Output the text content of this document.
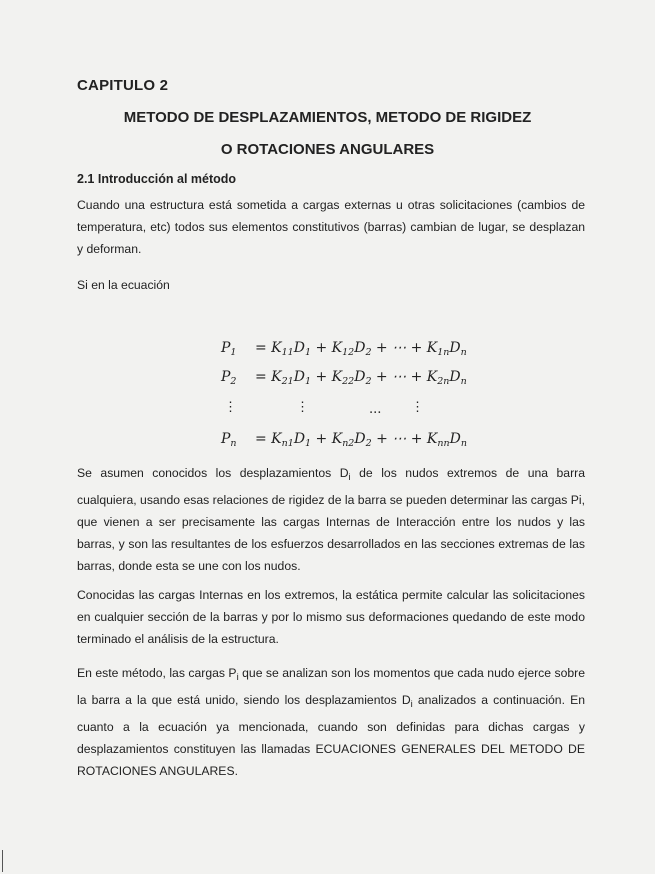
CAPITULO 2
METODO DE DESPLAZAMIENTOS, METODO DE RIGIDEZ
O ROTACIONES ANGULARES
2.1 Introducción al método
Cuando una estructura está sometida a cargas externas u otras solicitaciones (cambios de temperatura, etc) todos sus elementos constitutivos (barras) cambian de lugar, se desplazan y deforman.
Si en la ecuación
$P_1 = K_{11}D_1 + K_{12}D_2$ + ⋯ + $K_{1n}D_n$
$P_2 = K_{21}D_1 + K_{22}D_2$ + ⋯ + $K_{2n}D_n$
⋮	⋮	... ⋮
$P_n = K_{n1}D_1 + K_{n2}D_2$ + ⋯ + $K_{nn}D_n$
Se asumen conocidos los desplazamientos $D_i$ de los nudos extremos de una barra cualquiera, usando esas relaciones de rigidez de la barra se pueden determinar las cargas Pi, que vienen a ser precisamente las cargas Internas de Interacción entre los nudos y las barras, y son las resultantes de los esfuerzos desarrollados en las secciones extremas de las barras, donde esta se une con los nudos.
Conocidas las cargas Internas en los extremos, la estática permite calcular las solicitaciones en cualquier sección de la barras y por lo mismo sus deformaciones quedando de este modo terminado el análisis de la estructura.
En este método, las cargas $P_i$ que se analizan son los momentos que cada nudo ejerce sobre la barra a la que está unido, siendo los desplazamientos $D_i$ analizados a continuación. En cuanto a la ecuación ya mencionada, cuando son definidas para dichas cargas y desplazamientos constituyen las llamadas ECUACIONES GENERALES DEL METODO DE ROTACIONES ANGULARES.
